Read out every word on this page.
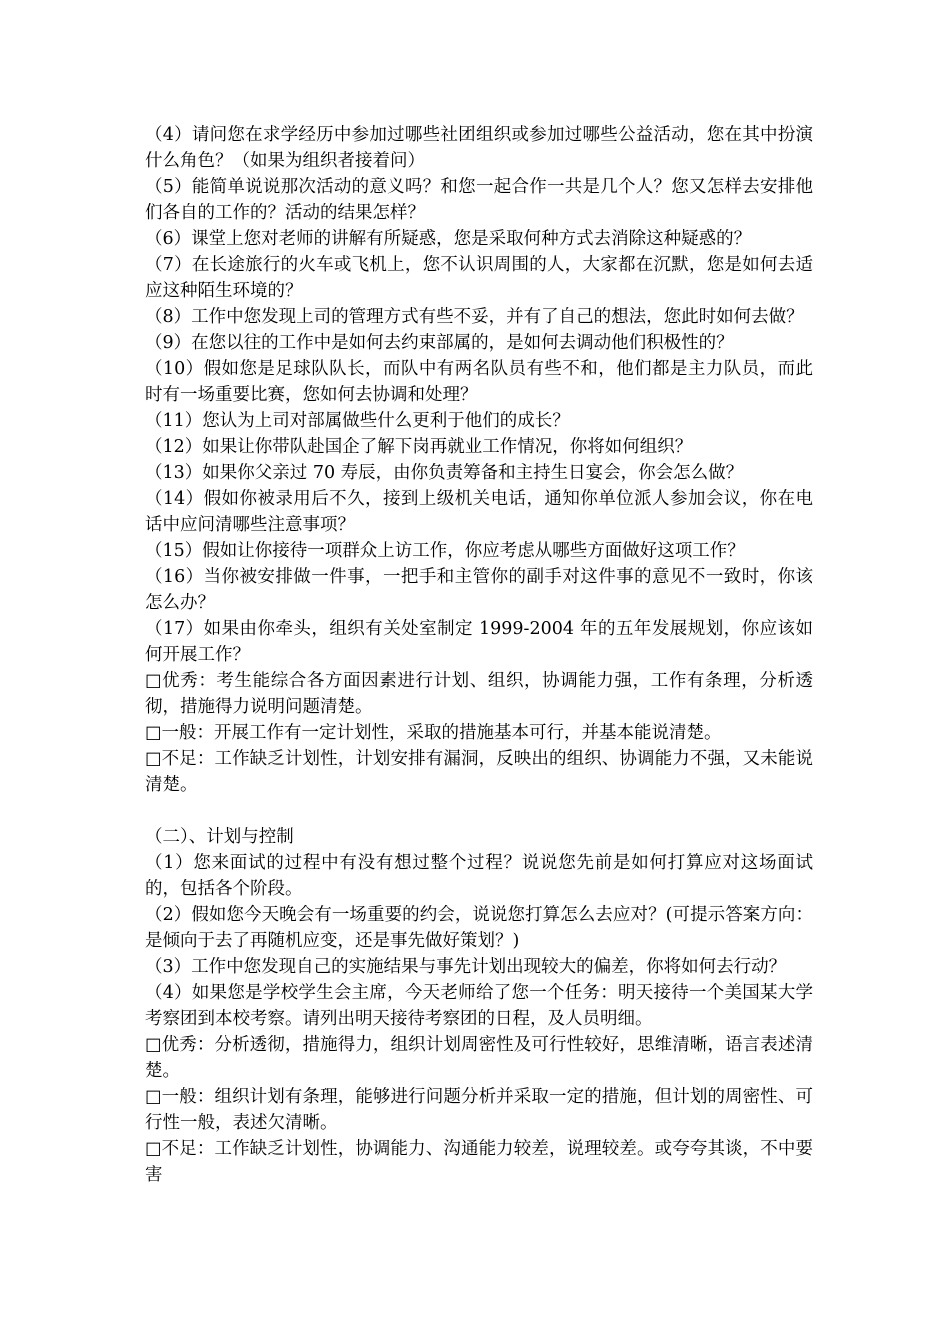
（4）请问您在求学经历中参加过哪些社团组织或参加过哪些公益活动，您在其中扮演什么角色？（如果为组织者接着问）

（5）能简单说说那次活动的意义吗？和您一起合作一共是几个人？您又怎样去安排他们各自的工作的？活动的结果怎样？

（6）课堂上您对老师的讲解有所疑惑，您是采取何种方式去消除这种疑惑的？

（7）在长途旅行的火车或飞机上，您不认识周围的人，大家都在沉默，您是如何去适应这种陌生环境的？

（8）工作中您发现上司的管理方式有些不妥，并有了自己的想法，您此时如何去做？

（9）在您以往的工作中是如何去约束部属的，是如何去调动他们积极性的？

（10）假如您是足球队队长，而队中有两名队员有些不和，他们都是主力队员，而此时有一场重要比赛，您如何去协调和处理？

（11）您认为上司对部属做些什么更利于他们的成长？

（12）如果让你带队赴国企了解下岗再就业工作情况，你将如何组织？

（13）如果你父亲过 70 寿辰，由你负责筹备和主持生日宴会，你会怎么做？

（14）假如你被录用后不久，接到上级机关电话，通知你单位派人参加会议，你在电话中应问清哪些注意事项？

（15）假如让你接待一项群众上访工作，你应考虑从哪些方面做好这项工作？

（16）当你被安排做一件事，一把手和主管你的副手对这件事的意见不一致时，你该怎么办？

（17）如果由你牵头，组织有关处室制定 1999-2004 年的五年发展规划，你应该如何开展工作？

□优秀：考生能综合各方面因素进行计划、组织，协调能力强，工作有条理，分析透彻，措施得力说明问题清楚。

□一般：开展工作有一定计划性，采取的措施基本可行，并基本能说清楚。

□不足：工作缺乏计划性，计划安排有漏洞，反映出的组织、协调能力不强，又未能说清楚。

（二）、计划与控制

（1）您来面试的过程中有没有想过整个过程？说说您先前是如何打算应对这场面试的，包括各个阶段。

（2）假如您今天晚会有一场重要的约会，说说您打算怎么去应对？(可提示答案方向：是倾向于去了再随机应变，还是事先做好策划？)

（3）工作中您发现自己的实施结果与事先计划出现较大的偏差，你将如何去行动？

（4）如果您是学校学生会主席，今天老师给了您一个任务：明天接待一个美国某大学考察团到本校考察。请列出明天接待考察团的日程，及人员明细。

□优秀：分析透彻，措施得力，组织计划周密性及可行性较好，思维清晰，语言表述清楚。

□一般：组织计划有条理，能够进行问题分析并采取一定的措施，但计划的周密性、可行性一般，表述欠清晰。

□不足：工作缺乏计划性，协调能力、沟通能力较差，说理较差。或夸夸其谈，不中要害
